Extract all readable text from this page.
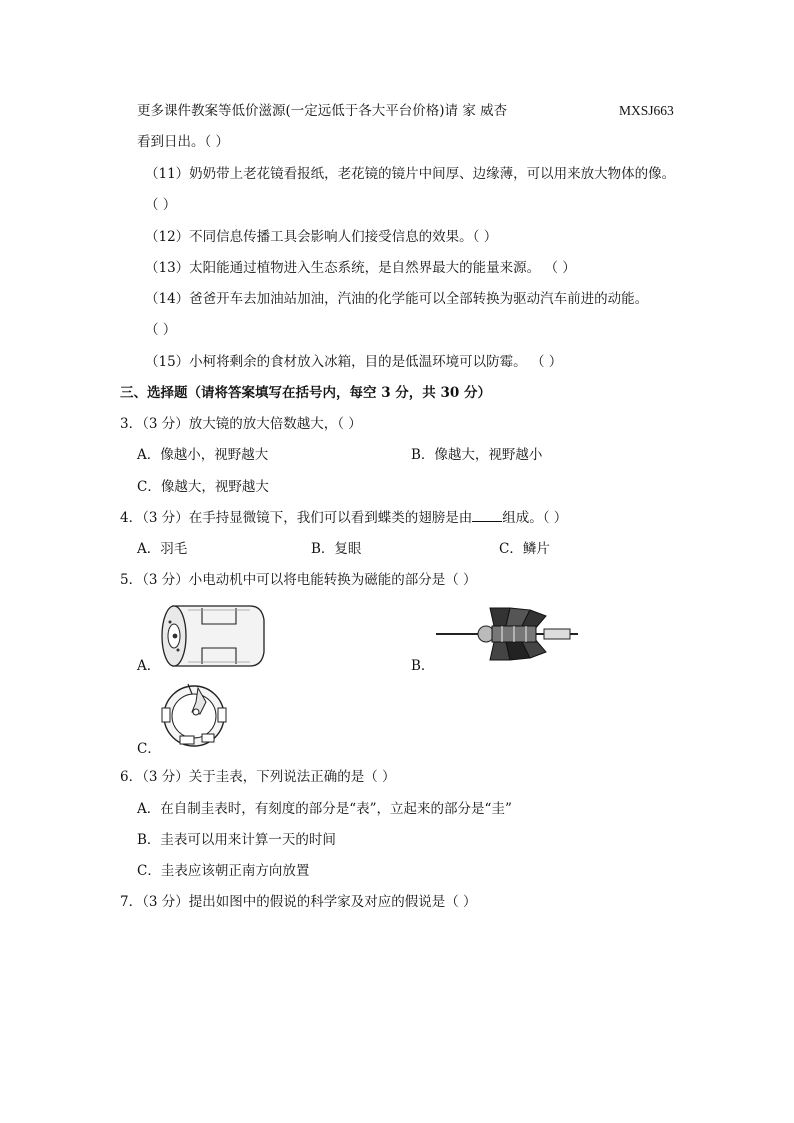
更多课件教案等低价滋源(一定远低于各大平台价格)请 家 威杏	MXSJ663
看到日出。（ ）
（11）奶奶带上老花镜看报纸，老花镜的镜片中间厚、边缘薄，可以用来放大物体的像。
（ ）
（12）不同信息传播工具会影响人们接受信息的效果。（ ）
（13）太阳能通过植物进入生态系统，是自然界最大的能量来源。 （ ）
（14）爸爸开车去加油站加油，汽油的化学能可以全部转换为驱动汽车前进的动能。
（ ）
（15）小柯将剩余的食材放入冰箱，目的是低温环境可以防霉。 （ ）
三、选择题（请将答案填写在括号内，每空 3 分，共 30 分）
3．（3 分）放大镜的放大倍数越大，（ ）
A．像越小，视野越大	B．像越大，视野越小
C．像越大，视野越大
4．（3 分）在手持显微镜下，我们可以看到蝶类的翅膀是由 组成。（ ）
A．羽毛	B．复眼	C．鳞片
5．（3 分）小电动机中可以将电能转换为磁能的部分是（ ）
A．	B．
C．
6．（3 分）关于圭表，下列说法正确的是（ ）
A．在自制圭表时，有刻度的部分是“表”，立起来的部分是“圭”
B．圭表可以用来计算一天的时间
C．圭表应该朝正南方向放置
7．（3 分）提出如图中的假说的科学家及对应的假说是（ ）
